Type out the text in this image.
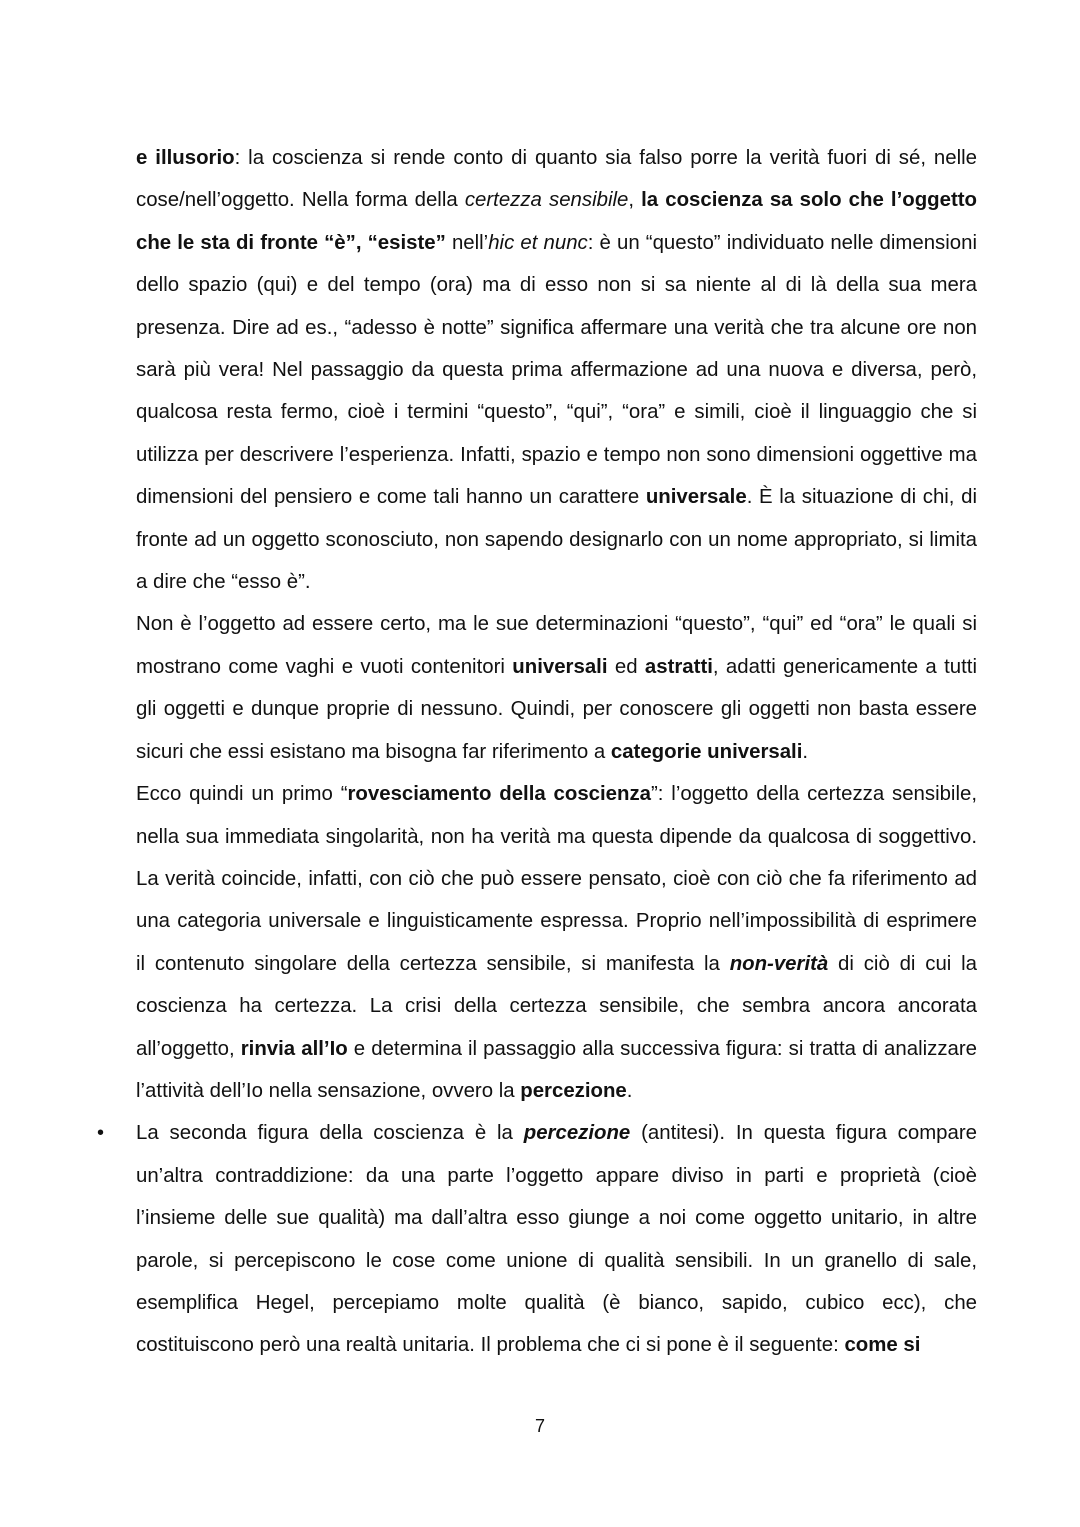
e illusorio: la coscienza si rende conto di quanto sia falso porre la verità fuori di sé, nelle cose/nell’oggetto. Nella forma della certezza sensibile, la coscienza sa solo che l’oggetto che le sta di fronte “è”, “esiste” nell’hic et nunc: è un “questo” individuato nelle dimensioni dello spazio (qui) e del tempo (ora) ma di esso non si sa niente al di là della sua mera presenza. Dire ad es., “adesso è notte” significa affermare una verità che tra alcune ore non sarà più vera! Nel passaggio da questa prima affermazione ad una nuova e diversa, però, qualcosa resta fermo, cioè i termini “questo”, “qui”, “ora” e simili, cioè il linguaggio che si utilizza per descrivere l’esperienza. Infatti, spazio e tempo non sono dimensioni oggettive ma dimensioni del pensiero e come tali hanno un carattere universale. È la situazione di chi, di fronte ad un oggetto sconosciuto, non sapendo designarlo con un nome appropriato, si limita a dire che “esso è”.

Non è l’oggetto ad essere certo, ma le sue determinazioni “questo”, “qui” ed “ora” le quali si mostrano come vaghi e vuoti contenitori universali ed astratti, adatti genericamente a tutti gli oggetti e dunque proprie di nessuno. Quindi, per conoscere gli oggetti non basta essere sicuri che essi esistano ma bisogna far riferimento a categorie universali.

Ecco quindi un primo “rovesciamento della coscienza”: l’oggetto della certezza sensibile, nella sua immediata singolarità, non ha verità ma questa dipende da qualcosa di soggettivo. La verità coincide, infatti, con ciò che può essere pensato, cioè con ciò che fa riferimento ad una categoria universale e linguisticamente espressa. Proprio nell’impossibilità di esprimere il contenuto singolare della certezza sensibile, si manifesta la non-verità di ciò di cui la coscienza ha certezza. La crisi della certezza sensibile, che sembra ancora ancorata all’oggetto, rinvia all’Io e determina il passaggio alla successiva figura: si tratta di analizzare l’attività dell’Io nella sensazione, ovvero la percezione.

• La seconda figura della coscienza è la percezione (antitesi). In questa figura compare un’altra contraddizione: da una parte l’oggetto appare diviso in parti e proprietà (cioè l’insieme delle sue qualità) ma dall’altra esso giunge a noi come oggetto unitario, in altre parole, si percepiscono le cose come unione di qualità sensibili. In un granello di sale, esemplifica Hegel, percepiamo molte qualità (è bianco, sapido, cubico ecc), che costituiscono però una realtà unitaria. Il problema che ci si pone è il seguente: come si

7
